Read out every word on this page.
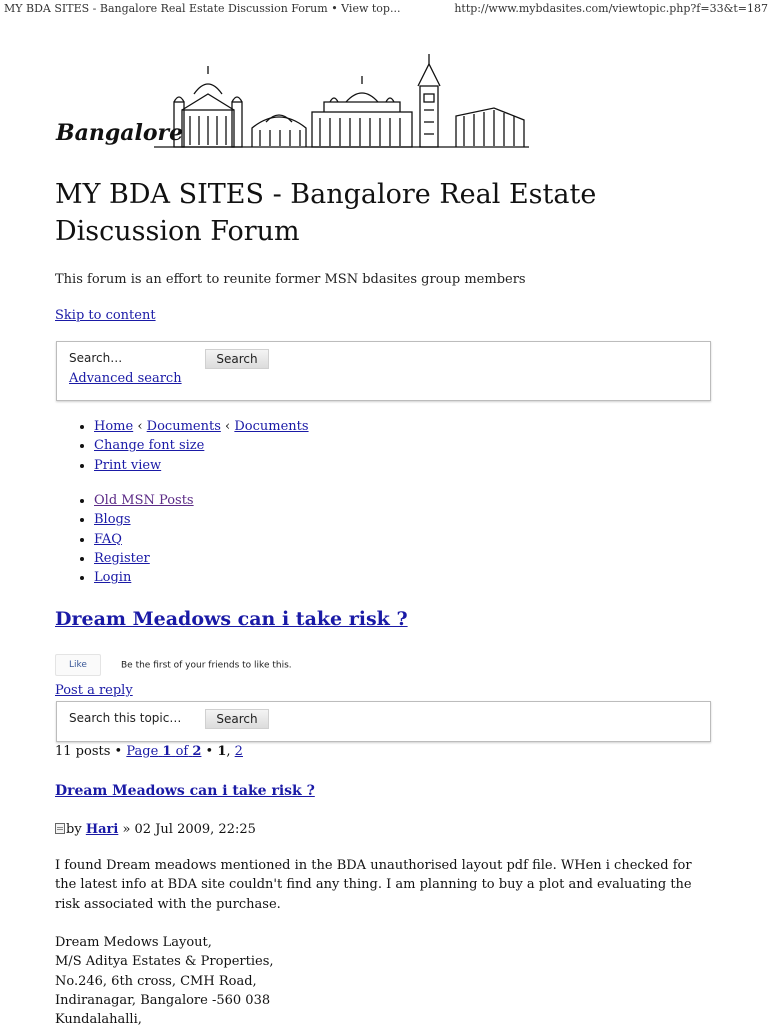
MY BDA SITES - Bangalore Real Estate Discussion Forum • View top...	http://www.mybdasites.com/viewtopic.php?f=33&t=187
Bangalore
MY BDA SITES - Bangalore Real Estate
Discussion Forum

This forum is an effort to reunite former MSN bdasites group members

Skip to content
Search…
Search
Advanced search
• Home ‹ Documents ‹ Documents
• Change font size
• Print view
• Old MSN Posts
• Blogs
• FAQ
• Register
• Login
Dream Meadows can i take risk ?
Like	Be the first of your friends to like this.
Post a reply
Search this topic…
Search
11 posts • Page 1 of 2 • 1, 2
Dream Meadows can i take risk ?
by Hari » 02 Jul 2009, 22:25

I found Dream meadows mentioned in the BDA unauthorised layout pdf file. WHen i checked for the latest info at BDA site couldn't find any thing. I am planning to buy a plot and evaluating the risk associated with the purchase.

Dream Medows Layout,
M/S Aditya Estates & Properties,
No.246, 6th cross, CMH Road,
Indiranagar, Bangalore -560 038
Kundalahalli,
